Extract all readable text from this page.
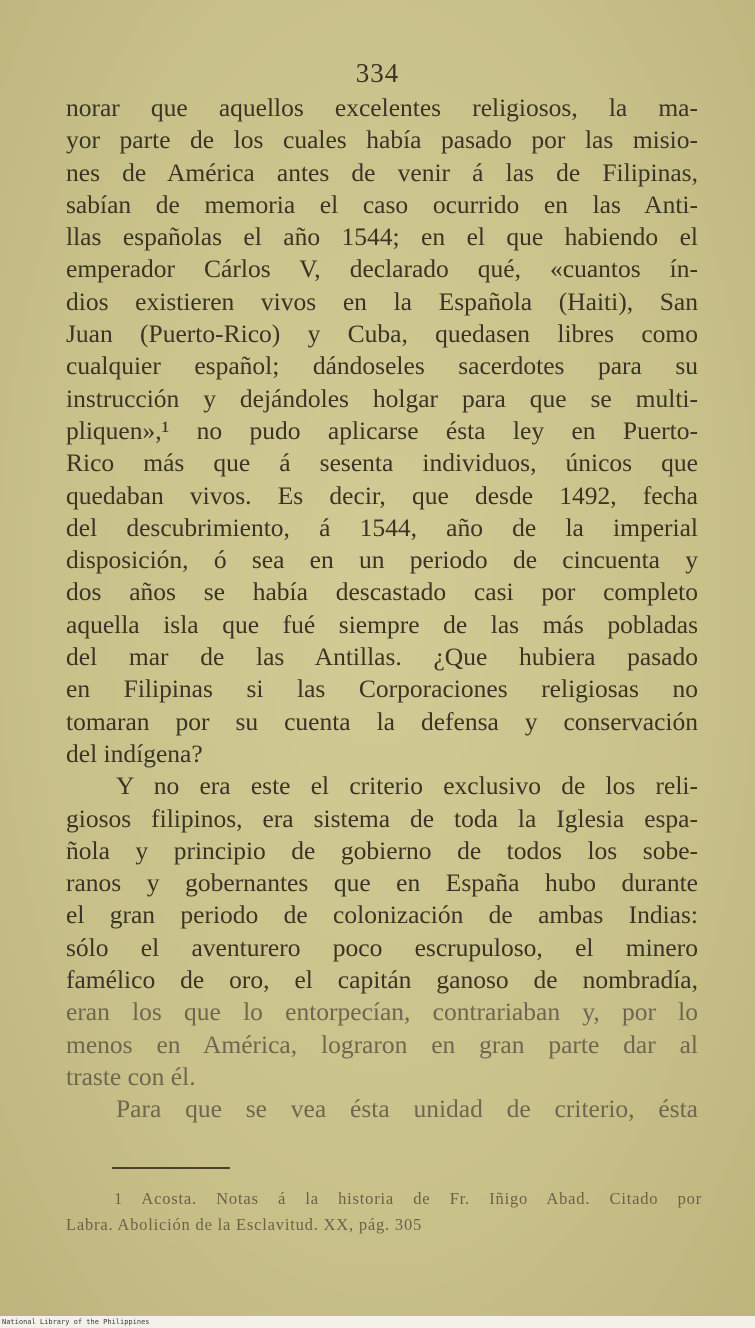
334
norar que aquellos excelentes religiosos, la ma-
yor parte de los cuales había pasado por las misio-
nes de América antes de venir á las de Filipinas,
sabían de memoria el caso ocurrido en las Anti-
llas españolas el año 1544; en el que habiendo el
emperador Cárlos V, declarado qué, «cuantos ín-
dios existieren vivos en la Española (Haiti), San
Juan (Puerto-Rico) y Cuba, quedasen libres como
cualquier español; dándoseles sacerdotes para su
instrucción y dejándoles holgar para que se multi-
pliquen»,¹ no pudo aplicarse ésta ley en Puerto-
Rico más que á sesenta individuos, únicos que
quedaban vivos. Es decir, que desde 1492, fecha
del descubrimiento, á 1544, año de la imperial
disposición, ó sea en un periodo de cincuenta y
dos años se había descastado casi por completo
aquella isla que fué siempre de las más pobladas
del mar de las Antillas. ¿Que hubiera pasado
en Filipinas si las Corporaciones religiosas no
tomaran por su cuenta la defensa y conservación
del indígena?
Y no era este el criterio exclusivo de los reli-
giosos filipinos, era sistema de toda la Iglesia espa-
ñola y principio de gobierno de todos los sobe-
ranos y gobernantes que en España hubo durante
el gran periodo de colonización de ambas Indias:
sólo el aventurero poco escrupuloso, el minero
famélico de oro, el capitán ganoso de nombradía,
eran los que lo entorpecían, contrariaban y, por lo
menos en América, lograron en gran parte dar al
traste con él.
Para que se vea ésta unidad de criterio, ésta
1 Acosta. Notas á la historia de Fr. Iñigo Abad. Citado por
Labra. Abolición de la Esclavitud. XX, pág. 305
National Library of the Philippines
